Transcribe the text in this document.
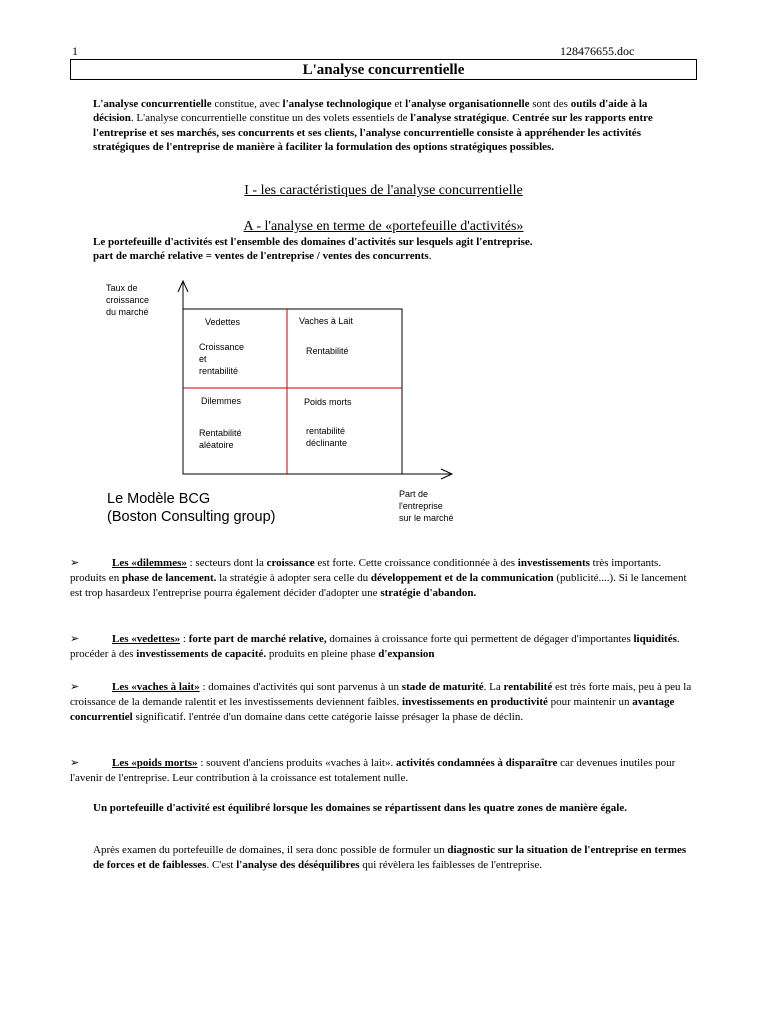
1	128476655.doc
L'analyse concurrentielle
L'analyse concurrentielle constitue, avec l'analyse technologique et l'analyse organisationnelle sont des outils d'aide à la décision. L'analyse concurrentielle constitue un des volets essentiels de l'analyse stratégique. Centrée sur les rapports entre l'entreprise et ses marchés, ses concurrents et ses clients, l'analyse concurrentielle consiste à appréhender les activités stratégiques de l'entreprise de manière à faciliter la formulation des options stratégiques possibles.
I - les caractéristiques de l'analyse concurrentielle
A - l'analyse en terme de «portefeuille d'activités»
Le portefeuille d'activités est l'ensemble des domaines d'activités sur lesquels agit l'entreprise.
part de marché relative = ventes de l'entreprise / ventes des concurrents.
Taux de
croissance
du marché
Vedettes
Croissance
et
rentabilité
Vaches à Lait
Rentabilité
Dilemmes
Rentabilité
aléatoire
Poids morts
rentabilité
déclinante
Le Modèle BCG
(Boston Consulting group)
Part de
l'entreprise
sur le marché
➢	Les «dilemmes» : secteurs dont la croissance est forte. Cette croissance conditionnée à des investissements très importants. produits en phase de lancement. la stratégie à adopter sera celle du développement et de la communication (publicité....). Si le lancement est trop hasardeux l'entreprise pourra également décider d'adopter une stratégie d'abandon.
➢	Les «vedettes» : forte part de marché relative, domaines à croissance forte qui permettent de dégager d'importantes liquidités. procéder à des investissements de capacité. produits en pleine phase d'expansion
➢	Les «vaches à lait» : domaines d'activités qui sont parvenus à un stade de maturité. La rentabilité est très forte mais, peu à peu la croissance de la demande ralentit et les investissements deviennent faibles. investissements en productivité pour maintenir un avantage concurrentiel significatif. l'entrée d'un domaine dans cette catégorie laisse présager la phase de déclin.
➢	Les «poids morts» : souvent d'anciens produits «vaches à lait». activités condamnées à disparaître car devenues inutiles pour l'avenir de l'entreprise. Leur contribution à la croissance est totalement nulle.
Un portefeuille d'activité est équilibré lorsque les domaines se répartissent dans les quatre zones de manière égale.
Après examen du portefeuille de domaines, il sera donc possible de formuler un diagnostic sur la situation de l'entreprise en termes de forces et de faiblesses. C'est l'analyse des déséquilibres qui révèlera les faiblesses de l'entreprise.
